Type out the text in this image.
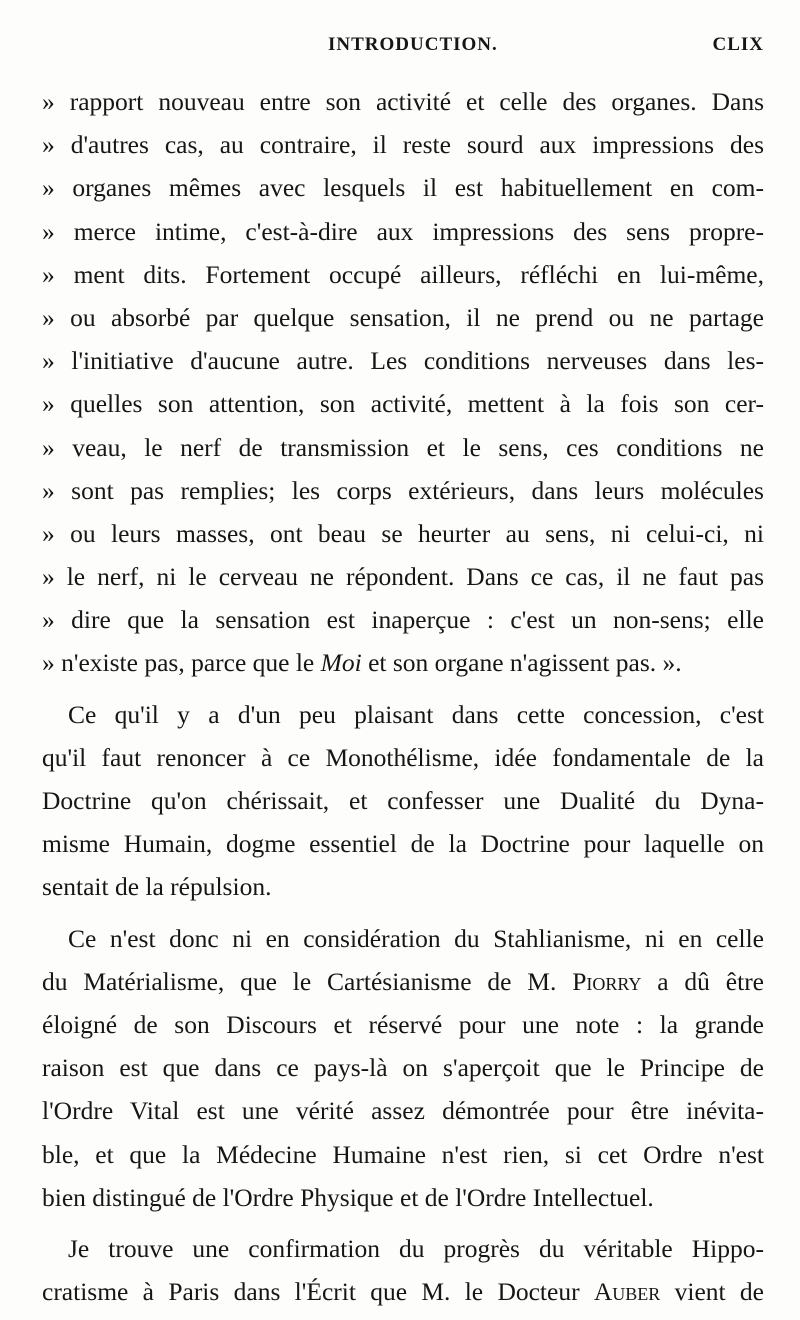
INTRODUCTION.	CLIX
» rapport nouveau entre son activité et celle des organes. Dans
» d'autres cas, au contraire, il reste sourd aux impressions des
» organes mêmes avec lesquels il est habituellement en com-
» merce intime, c'est-à-dire aux impressions des sens propre-
» ment dits. Fortement occupé ailleurs, réfléchi en lui-même,
» ou absorbé par quelque sensation, il ne prend ou ne partage
» l'initiative d'aucune autre. Les conditions nerveuses dans les-
» quelles son attention, son activité, mettent à la fois son cer-
» veau, le nerf de transmission et le sens, ces conditions ne
» sont pas remplies; les corps extérieurs, dans leurs molécules
» ou leurs masses, ont beau se heurter au sens, ni celui-ci, ni
» le nerf, ni le cerveau ne répondent. Dans ce cas, il ne faut pas
» dire que la sensation est inaperçue : c'est un non-sens; elle
» n'existe pas, parce que le Moi et son organe n'agissent pas. ».
Ce qu'il y a d'un peu plaisant dans cette concession, c'est
qu'il faut renoncer à ce Monothélisme, idée fondamentale de la
Doctrine qu'on chérissait, et confesser une Dualité du Dyna-
misme Humain, dogme essentiel de la Doctrine pour laquelle on
sentait de la répulsion.
Ce n'est donc ni en considération du Stahlianisme, ni en celle
du Matérialisme, que le Cartésianisme de M. Piorry a dû être
éloigné de son Discours et réservé pour une note : la grande
raison est que dans ce pays-là on s'aperçoit que le Principe de
l'Ordre Vital est une vérité assez démontrée pour être inévita-
ble, et que la Médecine Humaine n'est rien, si cet Ordre n'est
bien distingué de l'Ordre Physique et de l'Ordre Intellectuel.
Je trouve une confirmation du progrès du véritable Hippo-
cratisme à Paris dans l'Écrit que M. le Docteur Auber vient de
